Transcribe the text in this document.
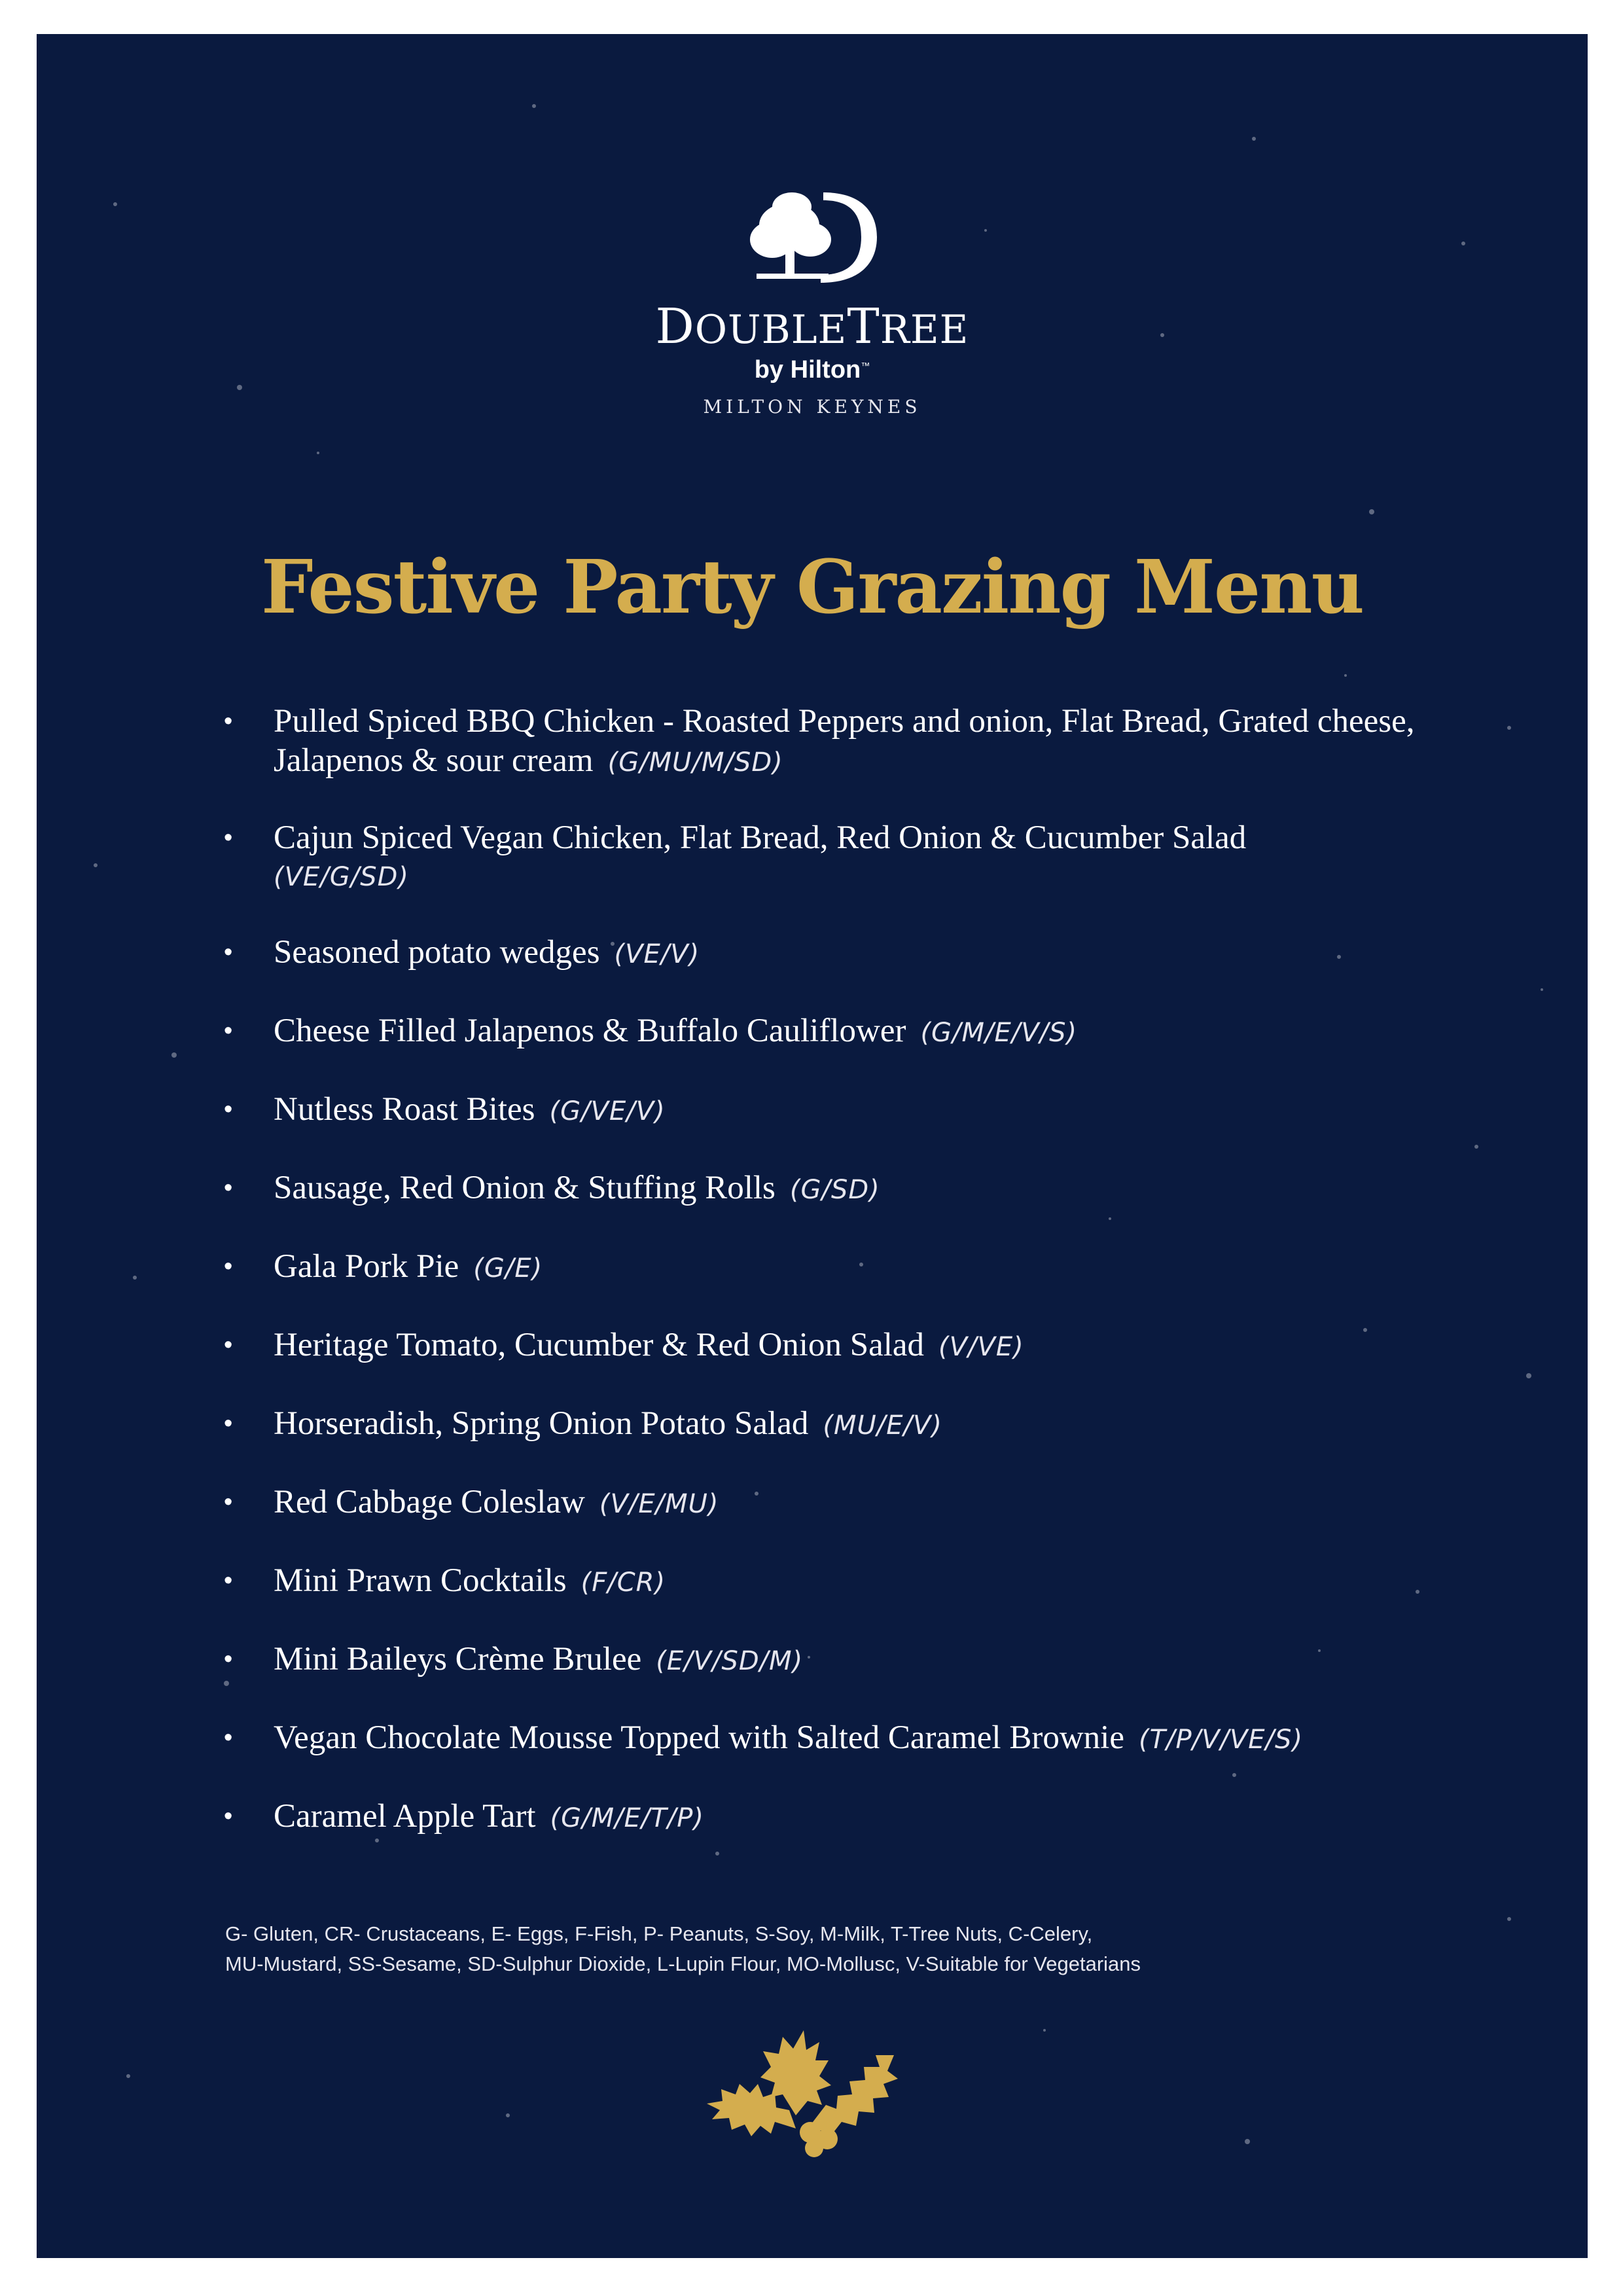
DOUBLETREE
by Hilton™
MILTON KEYNES
Festive Party Grazing Menu
• Pulled Spiced BBQ Chicken - Roasted Peppers and onion, Flat Bread, Grated cheese, Jalapenos & sour cream (G/MU/M/SD)
• Cajun Spiced Vegan Chicken, Flat Bread, Red Onion & Cucumber Salad
(VE/G/SD)
• Seasoned potato wedges (VE/V)
• Cheese Filled Jalapenos & Buffalo Cauliflower (G/M/E/V/S)
• Nutless Roast Bites (G/VE/V)
• Sausage, Red Onion & Stuffing Rolls (G/SD)
• Gala Pork Pie (G/E)
• Heritage Tomato, Cucumber & Red Onion Salad (V/VE)
• Horseradish, Spring Onion Potato Salad (MU/E/V)
• Red Cabbage Coleslaw (V/E/MU)
• Mini Prawn Cocktails (F/CR)
• Mini Baileys Crème Brulee (E/V/SD/M)
• Vegan Chocolate Mousse Topped with Salted Caramel Brownie (T/P/V/VE/S)
• Caramel Apple Tart (G/M/E/T/P)
G- Gluten, CR- Crustaceans, E- Eggs, F-Fish, P- Peanuts, S-Soy, M-Milk, T-Tree Nuts, C-Celery,
MU-Mustard, SS-Sesame, SD-Sulphur Dioxide, L-Lupin Flour, MO-Mollusc, V-Suitable for Vegetarians
